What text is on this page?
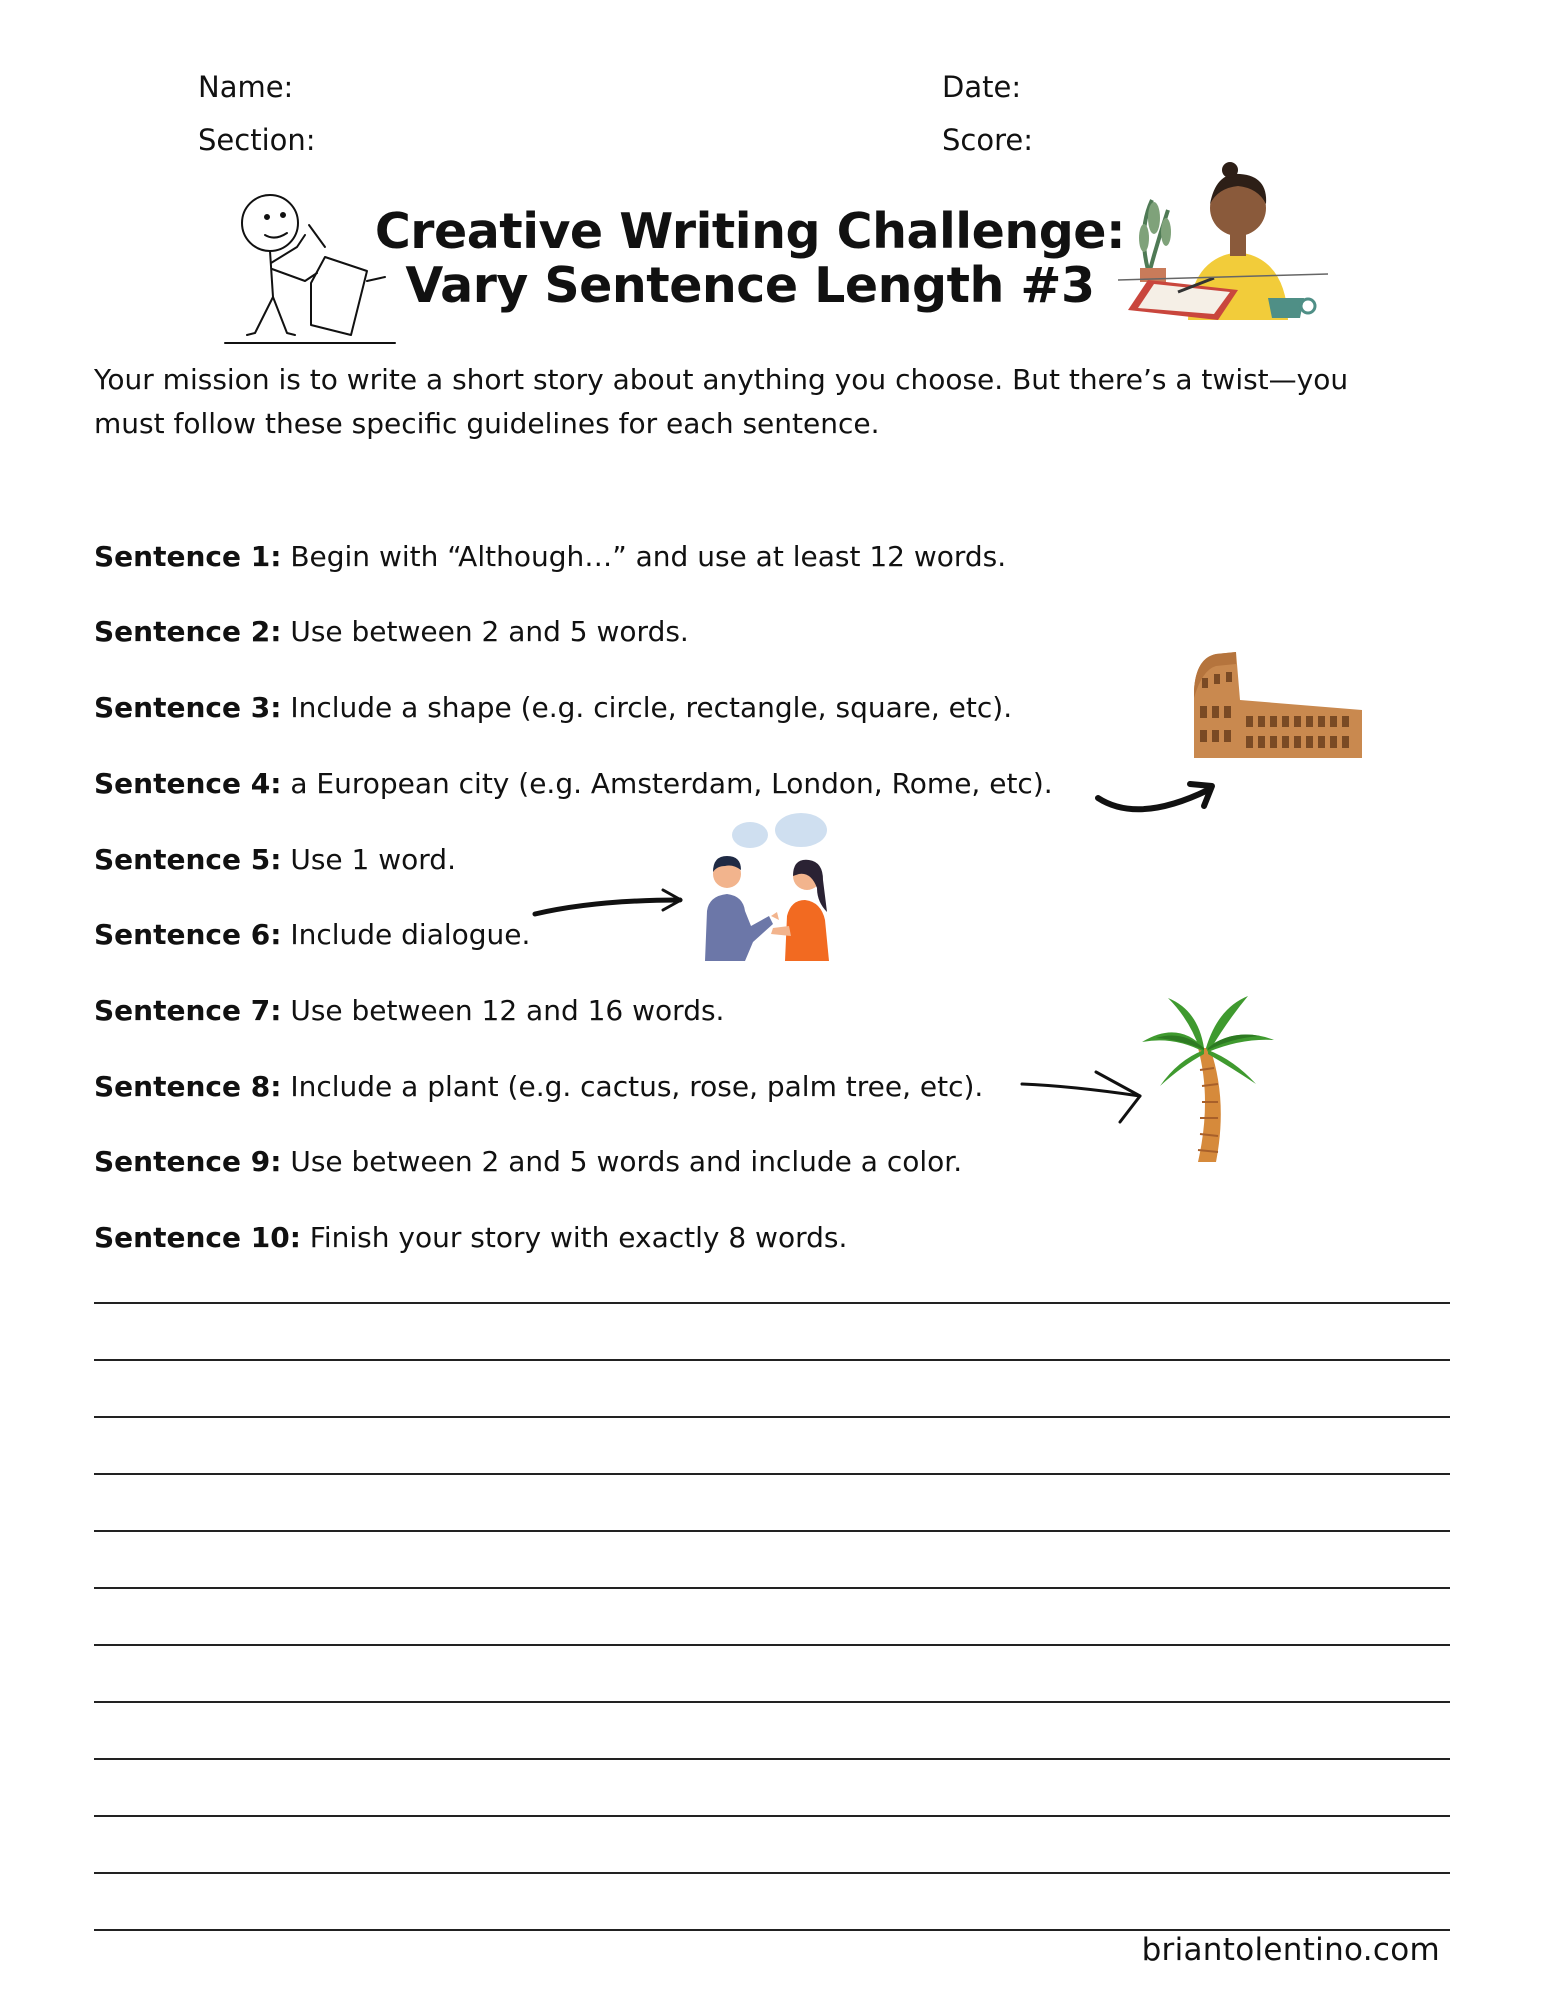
Name:	Date:
Section:	Score:
Creative Writing Challenge:
Vary Sentence Length #3
Your mission is to write a short story about anything you choose. But there’s a twist—you
must follow these specific guidelines for each sentence.
Sentence 1: Begin with “Although…” and use at least 12 words.
Sentence 2: Use between 2 and 5 words.
Sentence 3: Include a shape (e.g. circle, rectangle, square, etc).
Sentence 4: a European city (e.g. Amsterdam, London, Rome, etc).
Sentence 5: Use 1 word.
Sentence 6: Include dialogue.
Sentence 7: Use between 12 and 16 words.
Sentence 8: Include a plant (e.g. cactus, rose, palm tree, etc).
Sentence 9: Use between 2 and 5 words and include a color.
Sentence 10: Finish your story with exactly 8 words.
briantolentino.com
